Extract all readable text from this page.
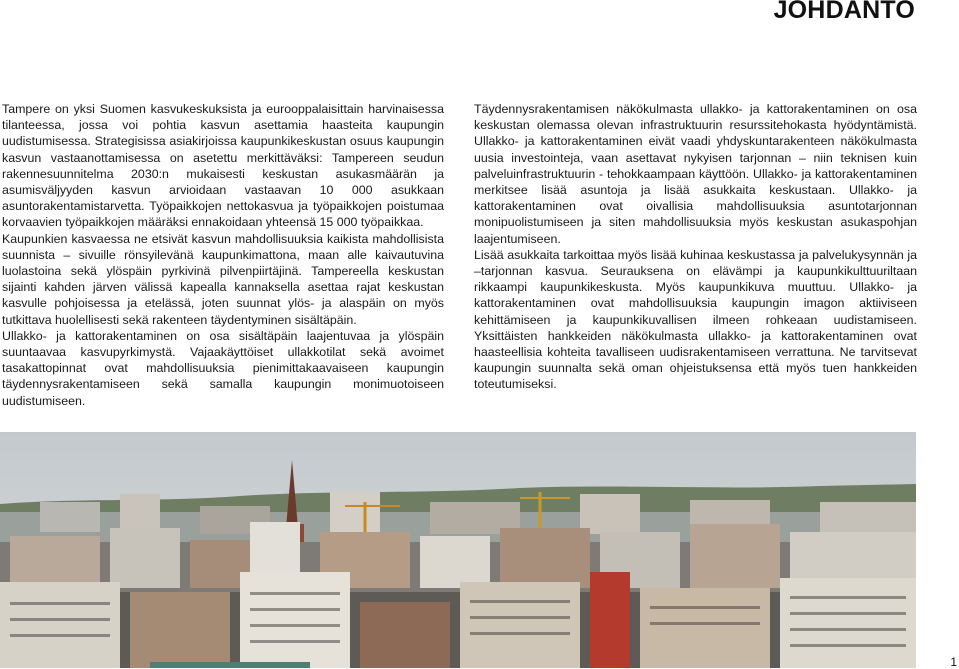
JOHDANTO

Tampere on yksi Suomen kasvukeskuksista ja eurooppalaisittain harvinaisessa tilanteessa, jossa voi pohtia kasvun asettamia haasteita kaupungin uudistumisessa. Strategisissa asiakirjoissa kaupunkikeskustan osuus kaupungin kasvun vastaanottamisessa on asetettu merkittäväksi: Tampereen seudun rakennesuunnitelma 2030:n mukaisesti keskustan asukasmäärän ja asumisväljyyden kasvun arvioidaan vastaavan 10 000 asukkaan asuntorakentamistarvetta. Työpaikkojen nettokasvua ja työpaikkojen poistumaa korvaavien työpaikkojen määräksi ennakoidaan yhteensä 15 000 työpaikkaa.

Kaupunkien kasvaessa ne etsivät kasvun mahdollisuuksia kaikista mahdollisista suunnista – sivuille rönsyilevänä kaupunkimattona, maan alle kaivautuvina luolastoina sekä ylöspäin pyrkivinä pilvenpiirtäjinä. Tampereella keskustan sijainti kahden järven välissä kapealla kannaksella asettaa rajat keskustan kasvulle pohjoisessa ja etelässä, joten suunnat ylös- ja alaspäin on myös tutkittava huolellisesti sekä rakenteen täydentyminen sisältäpäin.

Ullakko- ja kattorakentaminen on osa sisältäpäin laajentuvaa ja ylöspäin suuntaavaa kasvupyrkimystä. Vajaakäyttöiset ullakkotilat sekä avoimet tasakattopinnat ovat mahdollisuuksia pienimittakaavaiseen kaupungin täydennysrakentamiseen sekä samalla kaupungin monimuotoiseen uudistumiseen.

Täydennysrakentamisen näkökulmasta ullakko- ja kattorakentaminen on osa keskustan olemassa olevan infrastruktuurin resurssitehokasta hyödyntämistä. Ullakko- ja kattorakentaminen eivät vaadi yhdyskuntarakenteen näkökulmasta uusia investointeja, vaan asettavat nykyisen tarjonnan – niin teknisen kuin palveluinfrastruktuurin - tehokkaampaan käyttöön. Ullakko- ja kattorakentaminen merkitsee lisää asuntoja ja lisää asukkaita keskustaan. Ullakko- ja kattorakentaminen ovat oivallisia mahdollisuuksia asuntotarjonnan monipuolistumiseen ja siten mahdollisuuksia myös keskustan asukaspohjan laajentumiseen.

Lisää asukkaita tarkoittaa myös lisää kuhinaa keskustassa ja palvelukysynnän ja –tarjonnan kasvua. Seurauksena on elävämpi ja kaupunkikulttuuriltaan rikkaampi kaupunkikeskusta. Myös kaupunkikuva muuttuu. Ullakko- ja kattorakentaminen ovat mahdollisuuksia kaupungin imagon aktiiviseen kehittämiseen ja kaupunkikuvallisen ilmeen rohkeaan uudistamiseen. Yksittäisten hankkeiden näkökulmasta ullakko- ja kattorakentaminen ovat haasteellisia kohteita tavalliseen uudisrakentamiseen verrattuna. Ne tarvitsevat kaupungin suunnalta sekä oman ohjeistuksensa että myös tuen hankkeiden toteutumiseksi.

1
